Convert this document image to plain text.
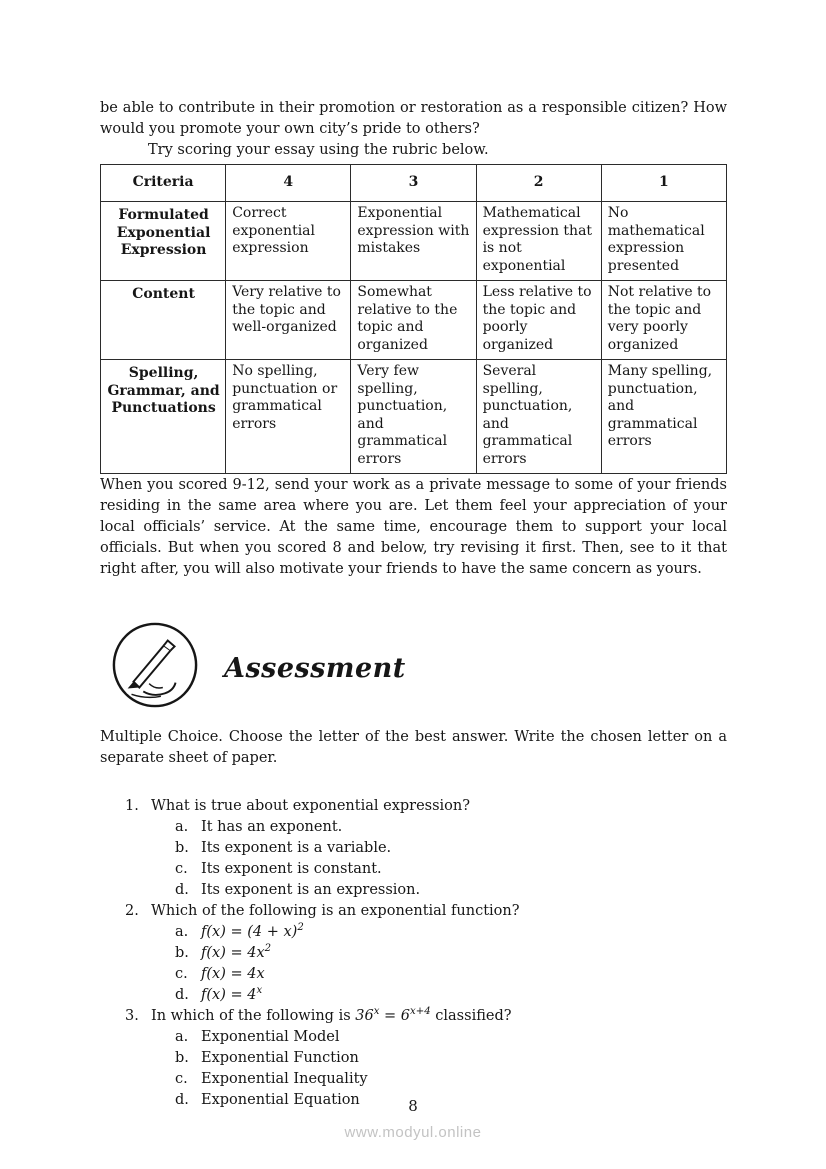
be able to contribute in their promotion or restoration as a responsible citizen? How would you promote your own city’s pride to others?

Try scoring your essay using the rubric below.

Criteria	4	3	2	1
Formulated Exponential Expression	Correct exponential expression	Exponential expression with mistakes	Mathematical expression that is not exponential	No mathematical expression presented
Content	Very relative to the topic and well-organized	Somewhat relative to the topic and organized	Less relative to the topic and poorly organized	Not relative to the topic and very poorly organized
Spelling, Grammar, and Punctuations	No spelling, punctuation or grammatical errors	Very few spelling, punctuation, and grammatical errors	Several spelling, punctuation, and grammatical errors	Many spelling, punctuation, and grammatical errors

When you scored 9-12, send your work as a private message to some of your friends residing in the same area where you are. Let them feel your appreciation of your local officials’ service. At the same time, encourage them to support your local officials. But when you scored 8 and below, try revising it first. Then, see to it that right after, you will also motivate your friends to have the same concern as yours.

Assessment

Multiple Choice. Choose the letter of the best answer. Write the chosen letter on a separate sheet of paper.

1. What is true about exponential expression?
a. It has an exponent.
b. Its exponent is a variable.
c. Its exponent is constant.
d. Its exponent is an expression.
2. Which of the following is an exponential function?
a. $f(x) = (4 + x)^2$
b. $f(x) = 4x^2$
c. f(x) = 4x
d. $f(x) = 4^x$
3. In which of the following is $36^x = 6^{x+4}$ classified?
a. Exponential Model
b. Exponential Function
c. Exponential Inequality
d. Exponential Equation	8
www.modyul.online
